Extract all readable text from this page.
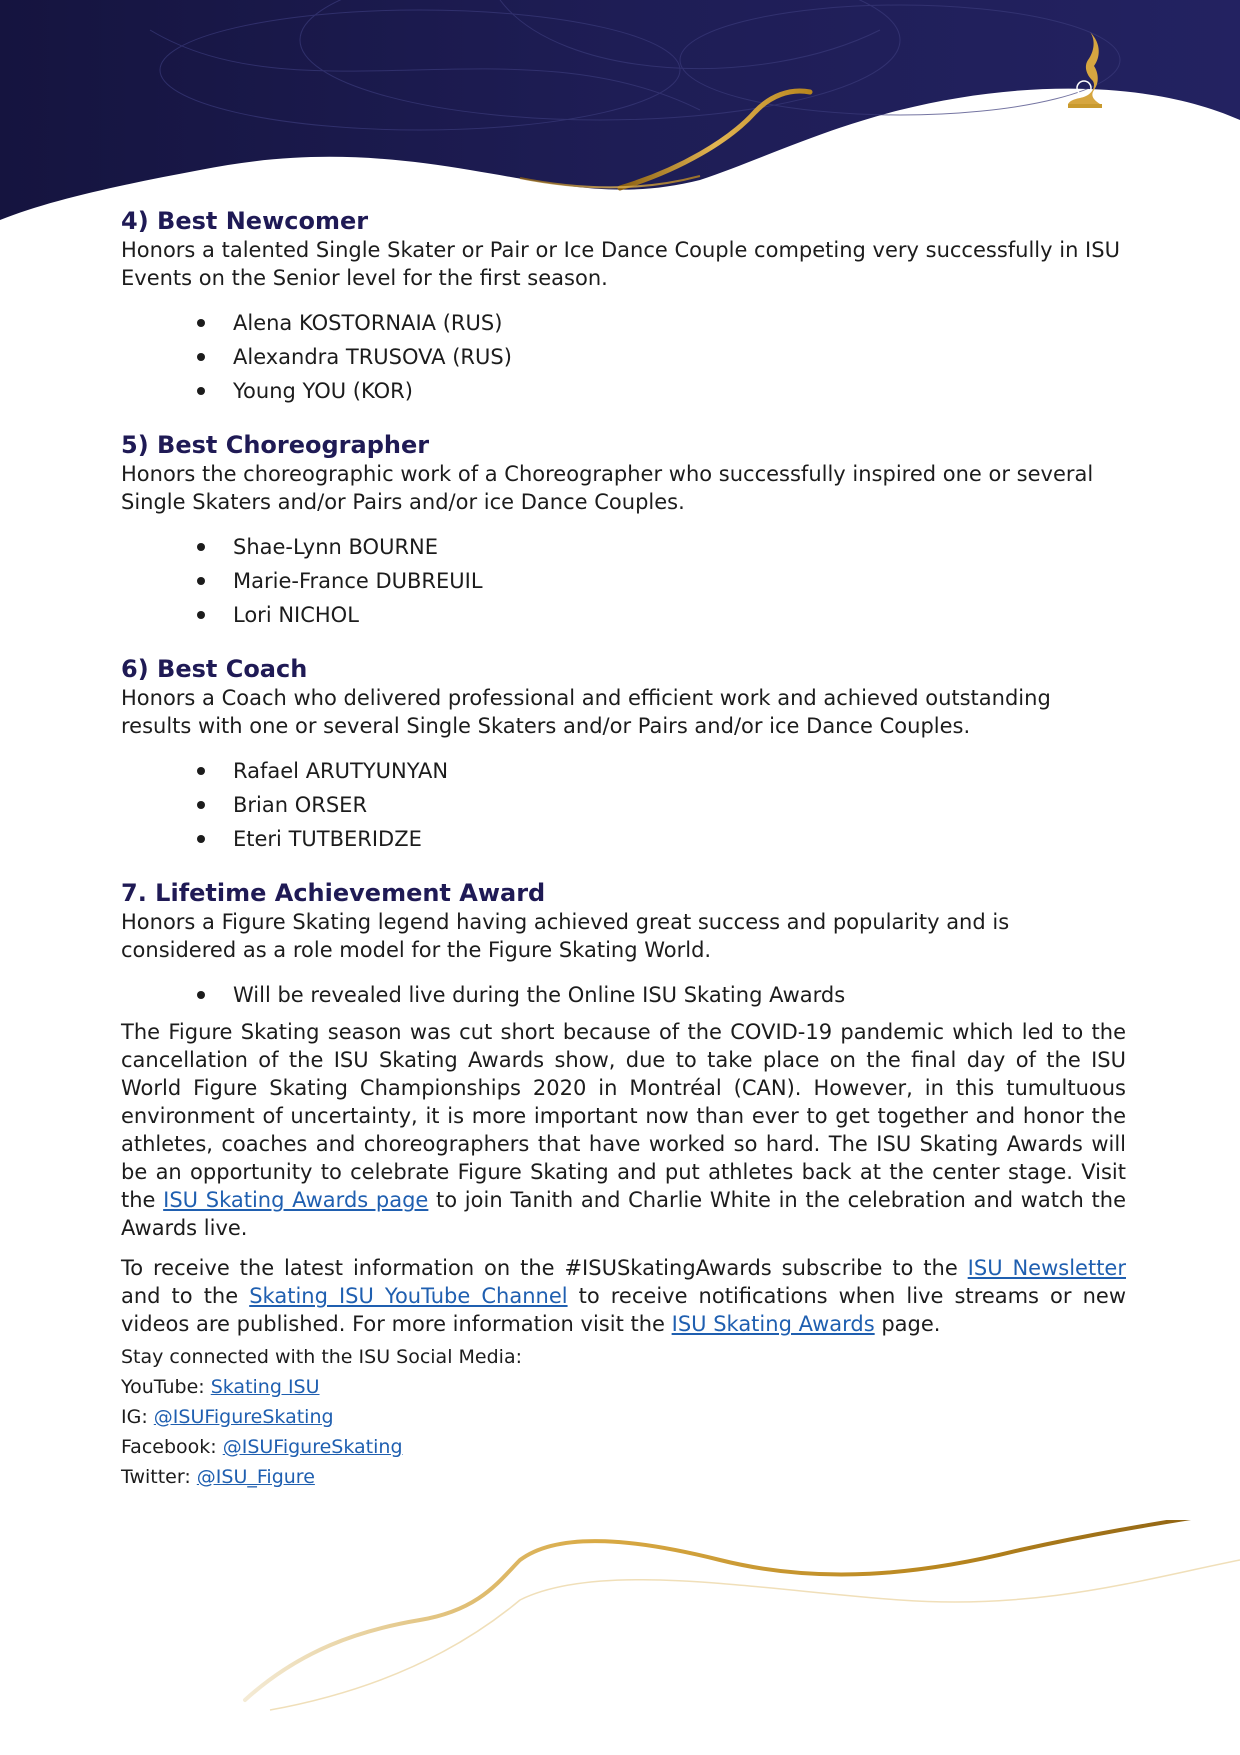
SKATING
AWARDS
4) Best Newcomer

Honors a talented Single Skater or Pair or Ice Dance Couple competing very successfully in ISU Events on the Senior level for the first season.

Alena KOSTORNAIA (RUS)
Alexandra TRUSOVA (RUS)
Young YOU (KOR)
5) Best Choreographer

Honors the choreographic work of a Choreographer who successfully inspired one or several Single Skaters and/or Pairs and/or ice Dance Couples.

Shae-Lynn BOURNE
Marie-France DUBREUIL
Lori NICHOL
6) Best Coach

Honors a Coach who delivered professional and efficient work and achieved outstanding results with one or several Single Skaters and/or Pairs and/or ice Dance Couples.

Rafael ARUTYUNYAN
Brian ORSER
Eteri TUTBERIDZE
7. Lifetime Achievement Award

Honors a Figure Skating legend having achieved great success and popularity and is considered as a role model for the Figure Skating World.

Will be revealed live during the Online ISU Skating Awards

The Figure Skating season was cut short because of the COVID-19 pandemic which led to the cancellation of the ISU Skating Awards show, due to take place on the final day of the ISU World Figure Skating Championships 2020 in Montréal (CAN). However, in this tumultuous environment of uncertainty, it is more important now than ever to get together and honor the athletes, coaches and choreographers that have worked so hard. The ISU Skating Awards will be an opportunity to celebrate Figure Skating and put athletes back at the center stage. Visit the ISU Skating Awards page to join Tanith and Charlie White in the celebration and watch the Awards live.

To receive the latest information on the #ISUSkatingAwards subscribe to the ISU Newsletter and to the Skating ISU YouTube Channel to receive notifications when live streams or new videos are published. For more information visit the ISU Skating Awards page.

Stay connected with the ISU Social Media:

YouTube: Skating ISU

IG: @ISUFigureSkating

Facebook: @ISUFigureSkating

Twitter: @ISU_Figure
